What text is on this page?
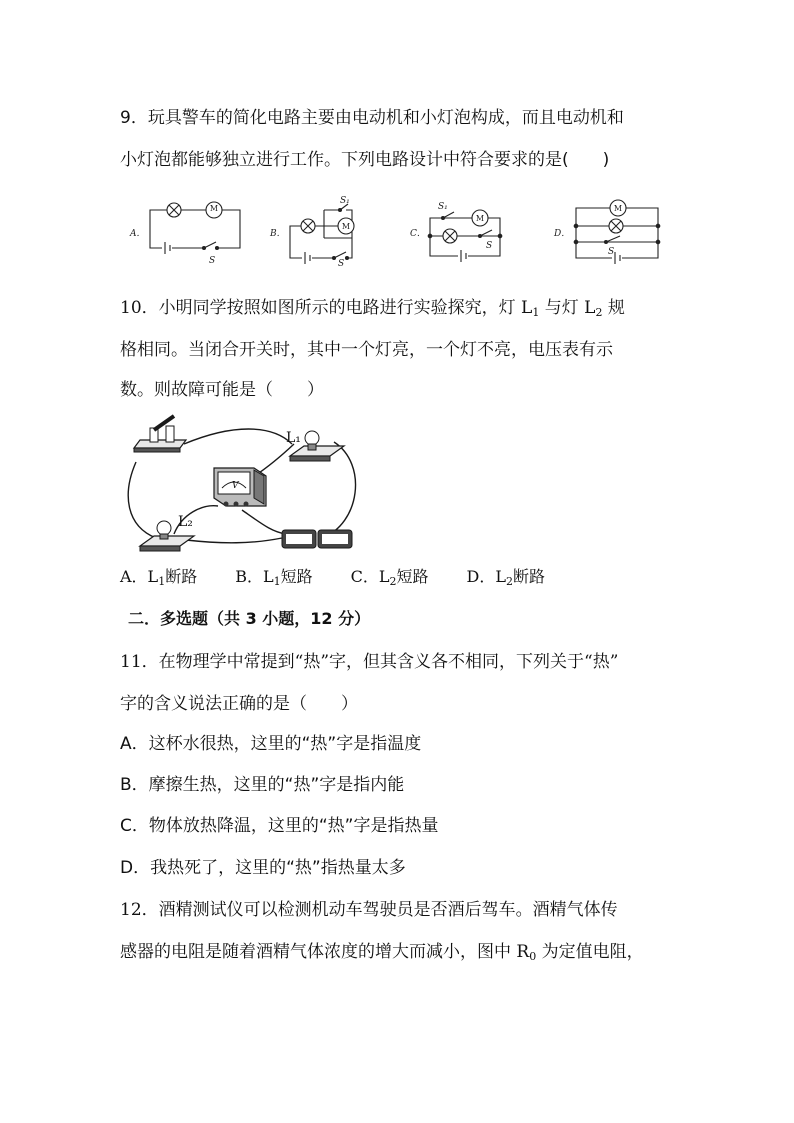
9．玩具警车的简化电路主要由电动机和小灯泡构成，而且电动机和
小灯泡都能够独立进行工作。下列电路设计中符合要求的是(　　)
A．
S
B．
S₁
S
C．
S₁
S
D．
S
M
M
M
M
10．小明同学按照如图所示的电路进行实验探究，灯 $L_1$ 与灯 $L_2$ 规
格相同。当闭合开关时，其中一个灯亮，一个灯不亮，电压表有示
数。则故障可能是（　　）
L₁
L₂
V
A．$L_1$断路 B．$L_1$短路 C．$L_2$短路 D．$L_2$断路
二．多选题（共 3 小题，12 分）
11．在物理学中常提到“热”字，但其含义各不相同，下列关于“热”
字的含义说法正确的是（　　）
A．这杯水很热，这里的“热”字是指温度
B．摩擦生热，这里的“热”字是指内能
C．物体放热降温，这里的“热”字是指热量
D．我热死了，这里的“热”指热量太多
12．酒精测试仪可以检测机动车驾驶员是否酒后驾车。酒精气体传
感器的电阻是随着酒精气体浓度的增大而减小，图中 $R_0$ 为定值电阻，
